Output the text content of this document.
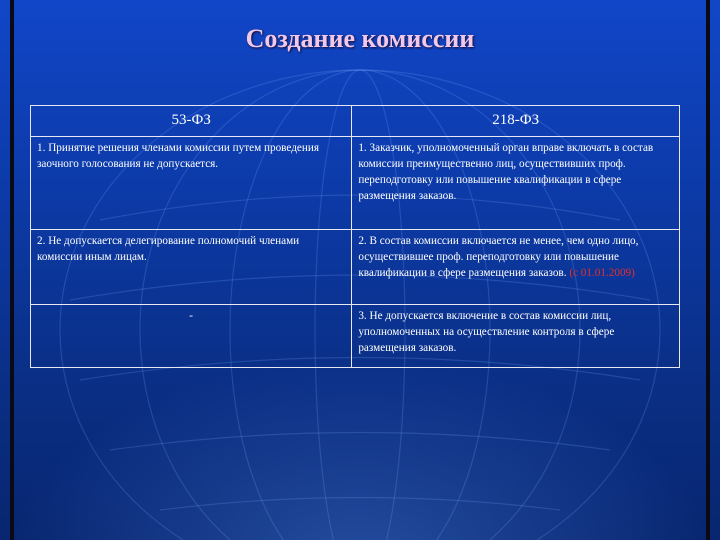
Создание комиссии
53-ФЗ	218-ФЗ
1. Принятие решения членами комиссии путем проведения заочного голосования не допускается.	1. Заказчик, уполномоченный орган вправе включать в состав комиссии преимущественно лиц, осуществивших проф. переподготовку или повышение квалификации в сфере размещения заказов.
2. Не допускается делегирование полномочий членами комиссии иным лицам.	2. В состав комиссии включается не менее, чем одно лицо, осуществившее проф. переподготовку или повышение квалификации в сфере размещения заказов. (с 01.01.2009)
-	3. Не допускается включение в состав комиссии лиц, уполномоченных на осуществление контроля в сфере размещения заказов.
